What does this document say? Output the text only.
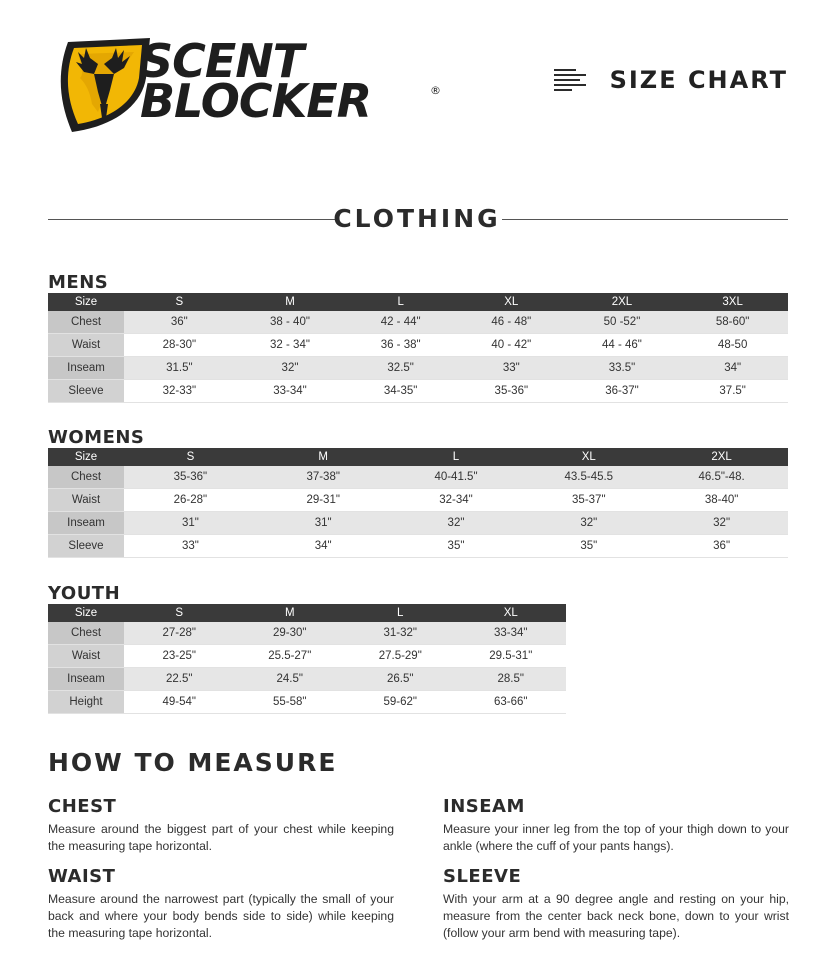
SCENT
BLOCKER	®	SIZE CHART
CLOTHING
MENS
Size	S	M	L	XL	2XL	3XL
Chest	36"	38 - 40"	42 - 44"	46 - 48"	50 -52"	58-60"
Waist	28-30"	32 - 34"	36 - 38"	40 - 42"	44 - 46"	48-50
Inseam	31.5"	32"	32.5"	33"	33.5"	34"
Sleeve	32-33"	33-34"	34-35"	35-36"	36-37"	37.5"
WOMENS
Size	S	M	L	XL	2XL
Chest	35-36"	37-38"	40-41.5"	43.5-45.5	46.5"-48.
Waist	26-28"	29-31"	32-34"	35-37"	38-40"
Inseam	31"	31"	32"	32"	32"
Sleeve	33"	34"	35"	35"	36"
YOUTH
Size	S	M	L	XL
Chest	27-28"	29-30"	31-32"	33-34"
Waist	23-25"	25.5-27"	27.5-29"	29.5-31"
Inseam	22.5"	24.5"	26.5"	28.5"
Height	49-54"	55-58"	59-62"	63-66"
HOW TO MEASURE
CHEST
Measure around the biggest part of your chest while keeping the measuring tape horizontal.
WAIST
Measure around the narrowest part (typically the small of your back and where your body bends side to side) while keeping the measuring tape horizontal.
INSEAM
Measure your inner leg from the top of your thigh down to your ankle (where the cuff of your pants hangs).
SLEEVE
With your arm at a 90 degree angle and resting on your hip, measure from the center back neck bone, down to your wrist (follow your arm bend with measuring tape).
